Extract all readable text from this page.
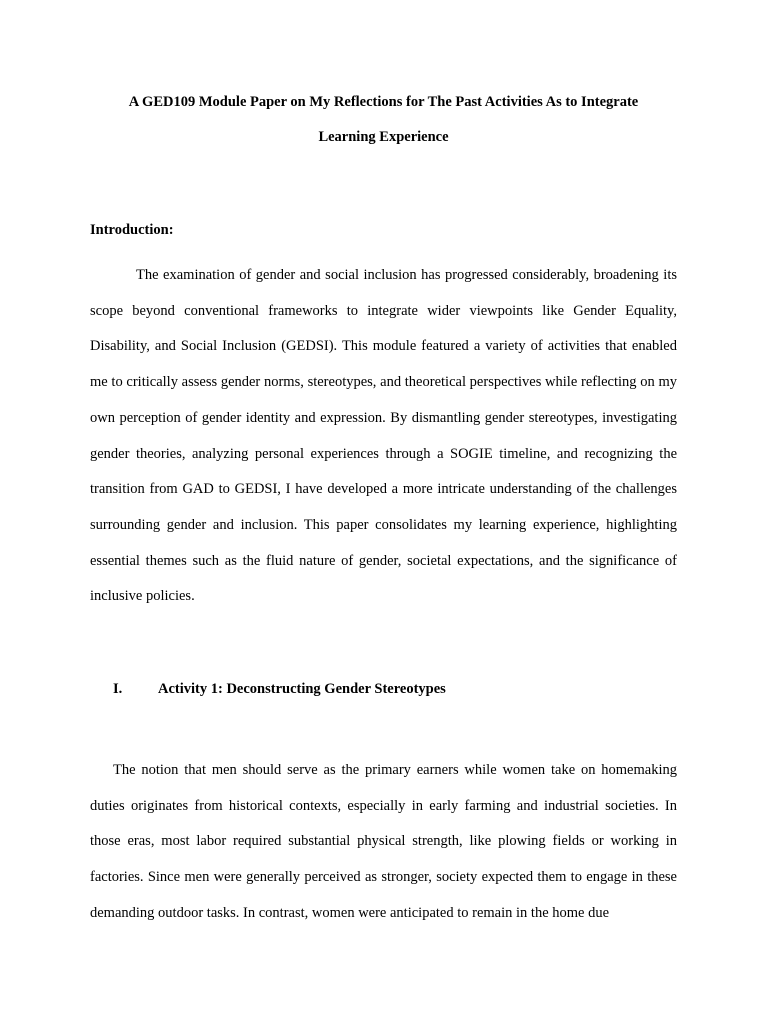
A GED109 Module Paper on My Reflections for The Past Activities As to Integrate
Learning Experience
Introduction:

The examination of gender and social inclusion has progressed considerably, broadening its scope beyond conventional frameworks to integrate wider viewpoints like Gender Equality, Disability, and Social Inclusion (GEDSI). This module featured a variety of activities that enabled me to critically assess gender norms, stereotypes, and theoretical perspectives while reflecting on my own perception of gender identity and expression. By dismantling gender stereotypes, investigating gender theories, analyzing personal experiences through a SOGIE timeline, and recognizing the transition from GAD to GEDSI, I have developed a more intricate understanding of the challenges surrounding gender and inclusion. This paper consolidates my learning experience, highlighting essential themes such as the fluid nature of gender, societal expectations, and the significance of inclusive policies.

I. Activity 1: Deconstructing Gender Stereotypes

The notion that men should serve as the primary earners while women take on homemaking duties originates from historical contexts, especially in early farming and industrial societies. In those eras, most labor required substantial physical strength, like plowing fields or working in factories. Since men were generally perceived as stronger, society expected them to engage in these demanding outdoor tasks. In contrast, women were anticipated to remain in the home due
